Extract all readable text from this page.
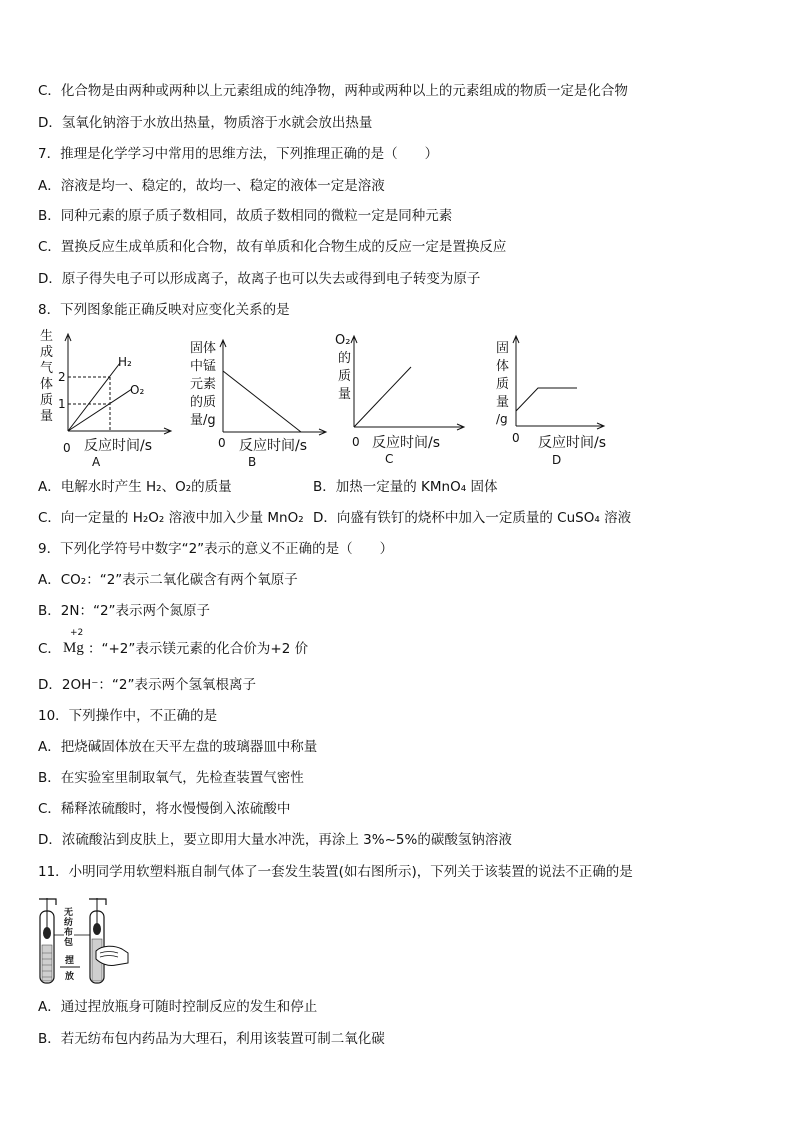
C．化合物是由两种或两种以上元素组成的纯净物，两种或两种以上的元素组成的物质一定是化合物
D．氢氧化钠溶于水放出热量，物质溶于水就会放出热量
7．推理是化学学习中常用的思维方法，下列推理正确的是（　　）
A．溶液是均一、稳定的，故均一、稳定的液体一定是溶液
B．同种元素的原子质子数相同，故质子数相同的微粒一定是同种元素
C．置换反应生成单质和化合物，故有单质和化合物生成的反应一定是置换反应
D．原子得失电子可以形成离子，故离子也可以失去或得到电子转变为原子
8．下列图象能正确反映对应变化关系的是
生
成
气
体
质
量
2
1
H₂
O₂
0 反应时间/s
A
固体
中锰
元素
的质
量/g
0 反应时间/s
B
O₂
的
质
量
0 反应时间/s
C
固
体
质
量
/g
0 反应时间/s
D
A．电解水时产生 H₂、O₂的质量	B．加热一定量的 KMnO₄ 固体
C．向一定量的 H₂O₂ 溶液中加入少量 MnO₂ D．向盛有铁钉的烧杯中加入一定质量的 CuSO₄ 溶液
9．下列化学符号中数字“2”表示的意义不正确的是（　　）
A．CO₂：“2”表示二氧化碳含有两个氧原子
B．2N：“2”表示两个氮原子
C．
+2
Mg ：“+2”表示镁元素的化合价为+2 价
D．2OH⁻：“2”表示两个氢氧根离子
10．下列操作中，不正确的是
A．把烧碱固体放在天平左盘的玻璃器皿中称量
B．在实验室里制取氧气，先检查装置气密性
C．稀释浓硫酸时，将水慢慢倒入浓硫酸中
D．浓硫酸沾到皮肤上，要立即用大量水冲洗，再涂上 3%~5%的碳酸氢钠溶液
11．小明同学用软塑料瓶自制气体了一套发生装置(如右图所示)，下列关于该装置的说法不正确的是
无
纺
布
包
捏
放
A．通过捏放瓶身可随时控制反应的发生和停止
B．若无纺布包内药品为大理石，利用该装置可制二氧化碳
